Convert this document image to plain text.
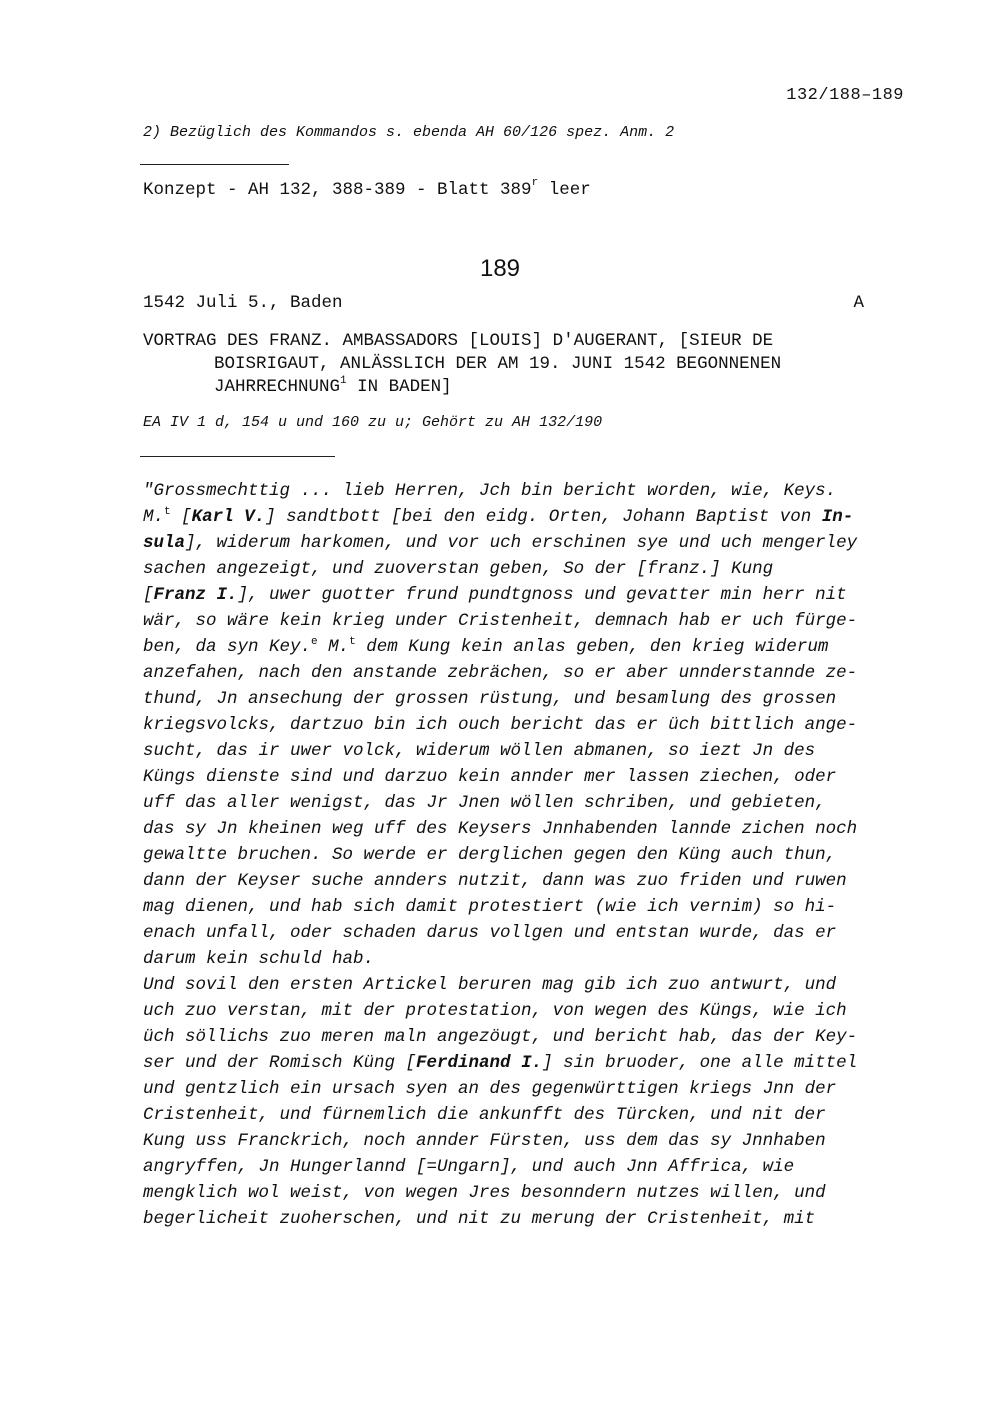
132/188–189
2) Bezüglich des Kommandos s. ebenda AH 60/126 spez. Anm. 2
Konzept - AH 132, 388-389 - Blatt 389$^r$ leer
189
1542 Juli 5., Baden	A
VORTRAG DES FRANZ. AMBASSADORS [LOUIS] D'AUGERANT, [SIEUR DE
BOISRIGAUT, ANLÄSSLICH DER AM 19. JUNI 1542 BEGONNENEN
JAHRRECHNUNG$^1$ IN BADEN]
EA IV 1 d, 154 u und 160 zu u; Gehört zu AH 132/190
"Grossmechttig ... lieb Herren, Jch bin bericht worden, wie, Keys.
M.$^t$ [Karl V.] sandtbott [bei den eidg. Orten, Johann Baptist von In-
sula], widerum harkomen, und vor uch erschinen sye und uch mengerley
sachen angezeigt, und zuoverstan geben, So der [franz.] Kung
[Franz I.], uwer guotter frund pundtgnoss und gevatter min herr nit
wär, so wäre kein krieg under Cristenheit, demnach hab er uch fürge-
ben, da syn Key.$^e$ M.$^t$ dem Kung kein anlas geben, den krieg widerum
anzefahen, nach den anstande zebrächen, so er aber unnderstannde ze-
thund, Jn ansechung der grossen rüstung, und besamlung des grossen
kriegsvolcks, dartzuo bin ich ouch bericht das er üch bittlich ange-
sucht, das ir uwer volck, widerum wöllen abmanen, so iezt Jn des
Küngs dienste sind und darzuo kein annder mer lassen ziechen, oder
uff das aller wenigst, das Jr Jnen wöllen schriben, und gebieten,
das sy Jn kheinen weg uff des Keysers Jnnhabenden lannde zichen noch
gewaltte bruchen. So werde er derglichen gegen den Küng auch thun,
dann der Keyser suche annders nutzit, dann was zuo friden und ruwen
mag dienen, und hab sich damit protestiert (wie ich vernim) so hi-
enach unfall, oder schaden darus vollgen und entstan wurde, das er
darum kein schuld hab.
Und sovil den ersten Artickel beruren mag gib ich zuo antwurt, und
uch zuo verstan, mit der protestation, von wegen des Küngs, wie ich
üch söllichs zuo meren maln angezöugt, und bericht hab, das der Key-
ser und der Romisch Küng [Ferdinand I.] sin bruoder, one alle mittel
und gentzlich ein ursach syen an des gegenwürttigen kriegs Jnn der
Cristenheit, und fürnemlich die ankunfft des Türcken, und nit der
Kung uss Franckrich, noch annder Fürsten, uss dem das sy Jnnhaben
angryffen, Jn Hungerlannd [=Ungarn], und auch Jnn Affrica, wie
mengklich wol weist, von wegen Jres besonndern nutzes willen, und
begerlicheit zuoherschen, und nit zu merung der Cristenheit, mit
